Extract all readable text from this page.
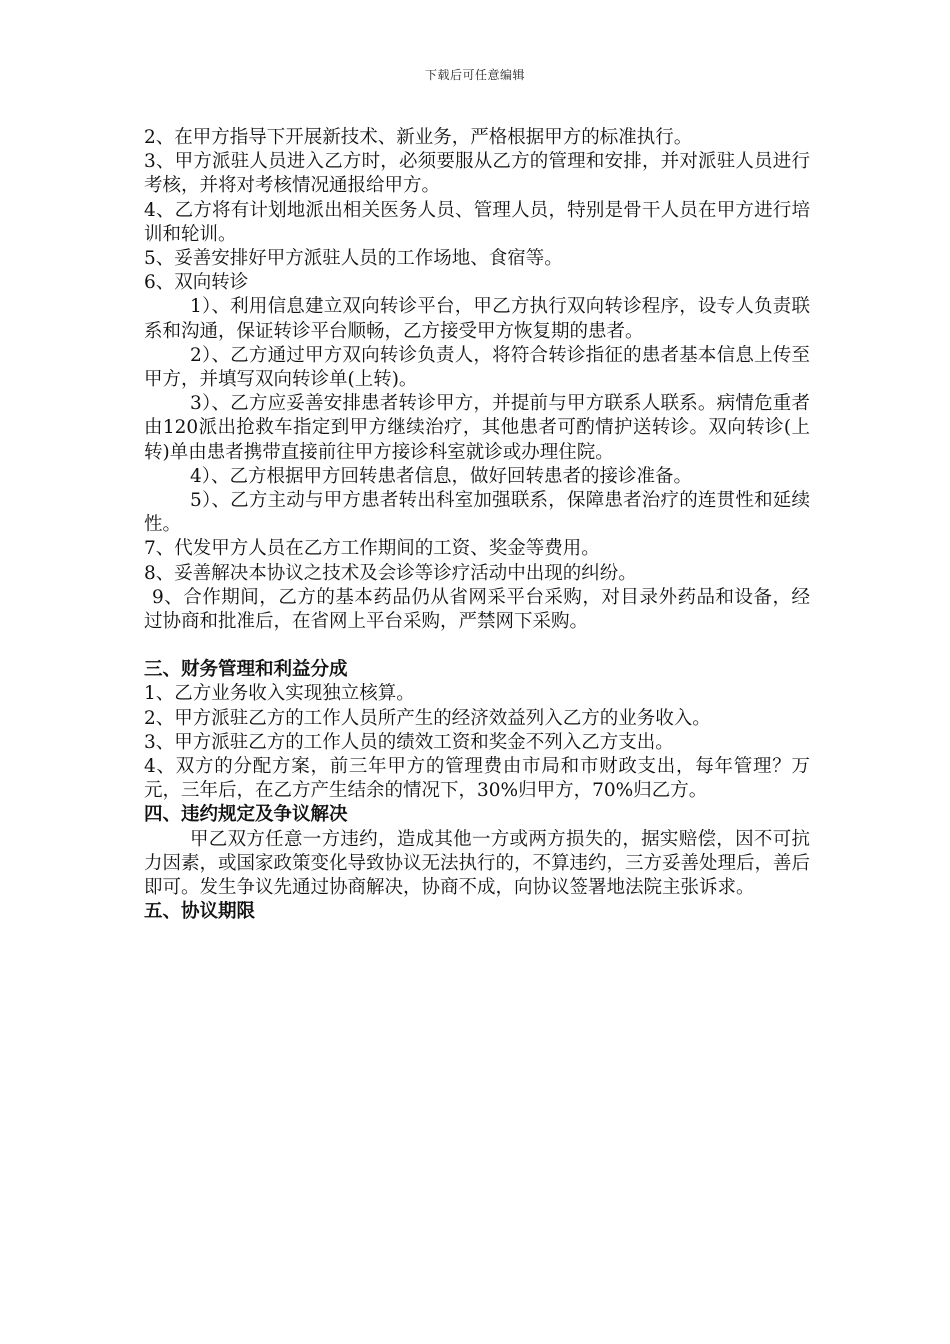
下载后可任意编辑

2、在甲方指导下开展新技术、新业务，严格根据甲方的标准执行。

3、甲方派驻人员进入乙方时，必须要服从乙方的管理和安排，并对派驻人员进行考核，并将对考核情况通报给甲方。

4、乙方将有计划地派出相关医务人员、管理人员，特别是骨干人员在甲方进行培训和轮训。

5、妥善安排好甲方派驻人员的工作场地、食宿等。

6、双向转诊

1）、利用信息建立双向转诊平台，甲乙方执行双向转诊程序，设专人负责联系和沟通，保证转诊平台顺畅，乙方接受甲方恢复期的患者。

2）、乙方通过甲方双向转诊负责人，将符合转诊指征的患者基本信息上传至甲方，并填写双向转诊单(上转)。

3）、乙方应妥善安排患者转诊甲方，并提前与甲方联系人联系。病情危重者由120派出抢救车指定到甲方继续治疗，其他患者可酌情护送转诊。双向转诊(上转)单由患者携带直接前往甲方接诊科室就诊或办理住院。

4）、乙方根据甲方回转患者信息，做好回转患者的接诊准备。

5）、乙方主动与甲方患者转出科室加强联系，保障患者治疗的连贯性和延续性。

7、代发甲方人员在乙方工作期间的工资、奖金等费用。

8、妥善解决本协议之技术及会诊等诊疗活动中出现的纠纷。

9、合作期间，乙方的基本药品仍从省网采平台采购，对目录外药品和设备，经过协商和批准后，在省网上平台采购，严禁网下采购。

三、财务管理和利益分成

1、乙方业务收入实现独立核算。

2、甲方派驻乙方的工作人员所产生的经济效益列入乙方的业务收入。

3、甲方派驻乙方的工作人员的绩效工资和奖金不列入乙方支出。

4、双方的分配方案，前三年甲方的管理费由市局和市财政支出，每年管理？万元，三年后，在乙方产生结余的情况下，30%归甲方，70%归乙方。

四、违约规定及争议解决

甲乙双方任意一方违约，造成其他一方或两方损失的，据实赔偿，因不可抗力因素，或国家政策变化导致协议无法执行的，不算违约，三方妥善处理后，善后即可。发生争议先通过协商解决，协商不成，向协议签署地法院主张诉求。

五、协议期限
